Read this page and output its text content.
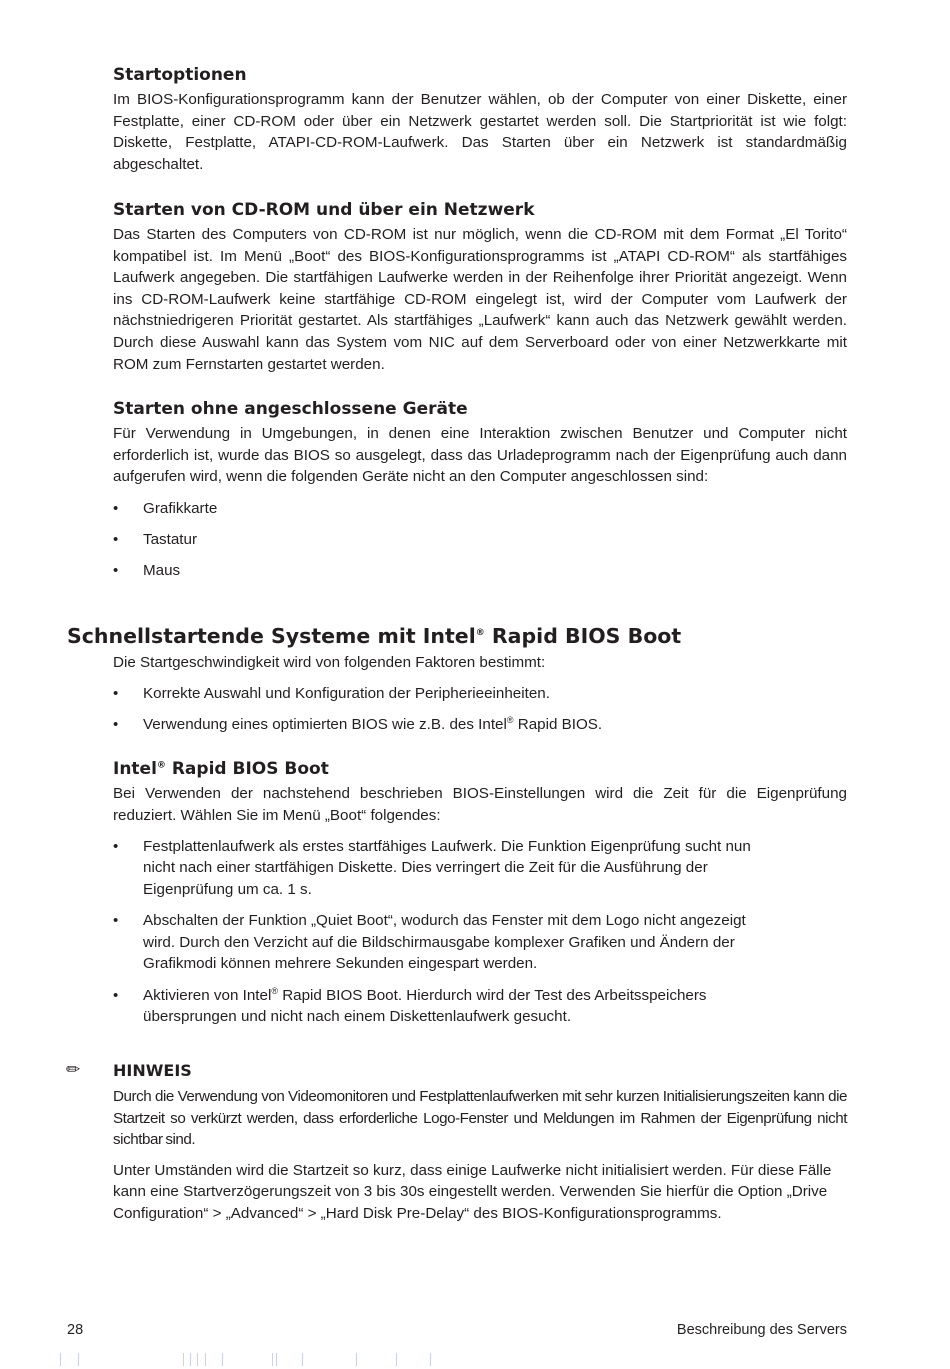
Startoptionen

Im BIOS-Konfigurationsprogramm kann der Benutzer wählen, ob der Computer von einer Diskette, einer Festplatte, einer CD-ROM oder über ein Netzwerk gestartet werden soll. Die Startpriorität ist wie folgt: Diskette, Festplatte, ATAPI-CD-ROM-Laufwerk. Das Starten über ein Netzwerk ist standardmäßig abgeschaltet.

Starten von CD-ROM und über ein Netzwerk

Das Starten des Computers von CD-ROM ist nur möglich, wenn die CD-ROM mit dem Format „El Torito“ kompatibel ist. Im Menü „Boot“ des BIOS-Konfigurationsprogramms ist „ATAPI CD-ROM“ als startfähiges Laufwerk angegeben. Die startfähigen Laufwerke werden in der Reihenfolge ihrer Priorität angezeigt. Wenn ins CD-ROM-Laufwerk keine startfähige CD-ROM eingelegt ist, wird der Computer vom Laufwerk der nächstniedrigeren Priorität gestartet. Als startfähiges „Laufwerk“ kann auch das Netzwerk gewählt werden. Durch diese Auswahl kann das System vom NIC auf dem Serverboard oder von einer Netzwerkkarte mit ROM zum Fernstarten gestartet werden.

Starten ohne angeschlossene Geräte

Für Verwendung in Umgebungen, in denen eine Interaktion zwischen Benutzer und Computer nicht erforderlich ist, wurde das BIOS so ausgelegt, dass das Urladeprogramm nach der Eigenprüfung auch dann aufgerufen wird, wenn die folgenden Geräte nicht an den Computer angeschlossen sind:

• Grafikkarte
• Tastatur
• Maus
Schnellstartende Systeme mit Intel® Rapid BIOS Boot

Die Startgeschwindigkeit wird von folgenden Faktoren bestimmt:

• Korrekte Auswahl und Konfiguration der Peripherieeinheiten.
• Verwendung eines optimierten BIOS wie z.B. des Intel® Rapid BIOS.
Intel® Rapid BIOS Boot

Bei Verwenden der nachstehend beschrieben BIOS-Einstellungen wird die Zeit für die Eigenprüfung reduziert. Wählen Sie im Menü „Boot“ folgendes:

• Festplattenlaufwerk als erstes startfähiges Laufwerk. Die Funktion Eigenprüfung sucht nun nicht nach einer startfähigen Diskette. Dies verringert die Zeit für die Ausführung der Eigenprüfung um ca. 1 s.
• Abschalten der Funktion „Quiet Boot“, wodurch das Fenster mit dem Logo nicht angezeigt wird. Durch den Verzicht auf die Bildschirmausgabe komplexer Grafiken und Ändern der Grafikmodi können mehrere Sekunden eingespart werden.
• Aktivieren von Intel® Rapid BIOS Boot. Hierdurch wird der Test des Arbeitsspeichers übersprungen und nicht nach einem Diskettenlaufwerk gesucht.
✏ HINWEIS

Durch die Verwendung von Videomonitoren und Festplattenlaufwerken mit sehr kurzen Initialisierungszeiten kann die Startzeit so verkürzt werden, dass erforderliche Logo-Fenster und Meldungen im Rahmen der Eigenprüfung nicht sichtbar sind.

Unter Umständen wird die Startzeit so kurz, dass einige Laufwerke nicht initialisiert werden. Für diese Fälle kann eine Startverzögerungszeit von 3 bis 30s eingestellt werden. Verwenden Sie hierfür die Option „Drive Configuration“ > „Advanced“ > „Hard Disk Pre-Delay“ des BIOS-Konfigurationsprogramms.

28	Beschreibung des Servers
